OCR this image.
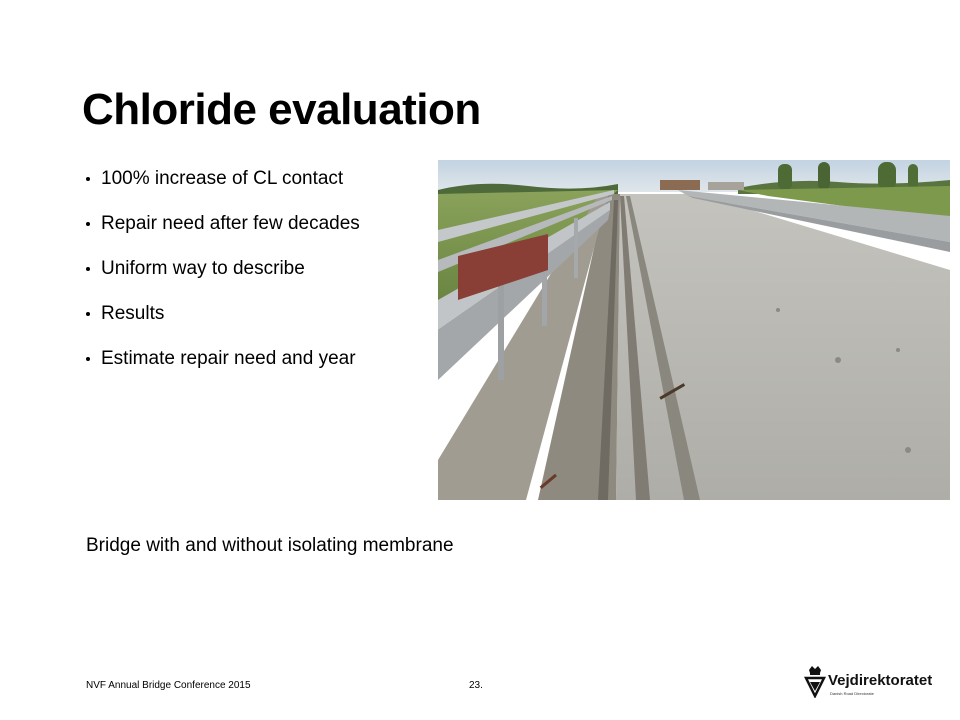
Chloride evaluation
100% increase of CL contact
Repair need after few decades
Uniform way to describe
Results
Estimate repair need and year
Bridge with and without isolating membrane
NVF Annual Bridge Conference 2015	23.	Vejdirektoratet
Danish Road Directorate
